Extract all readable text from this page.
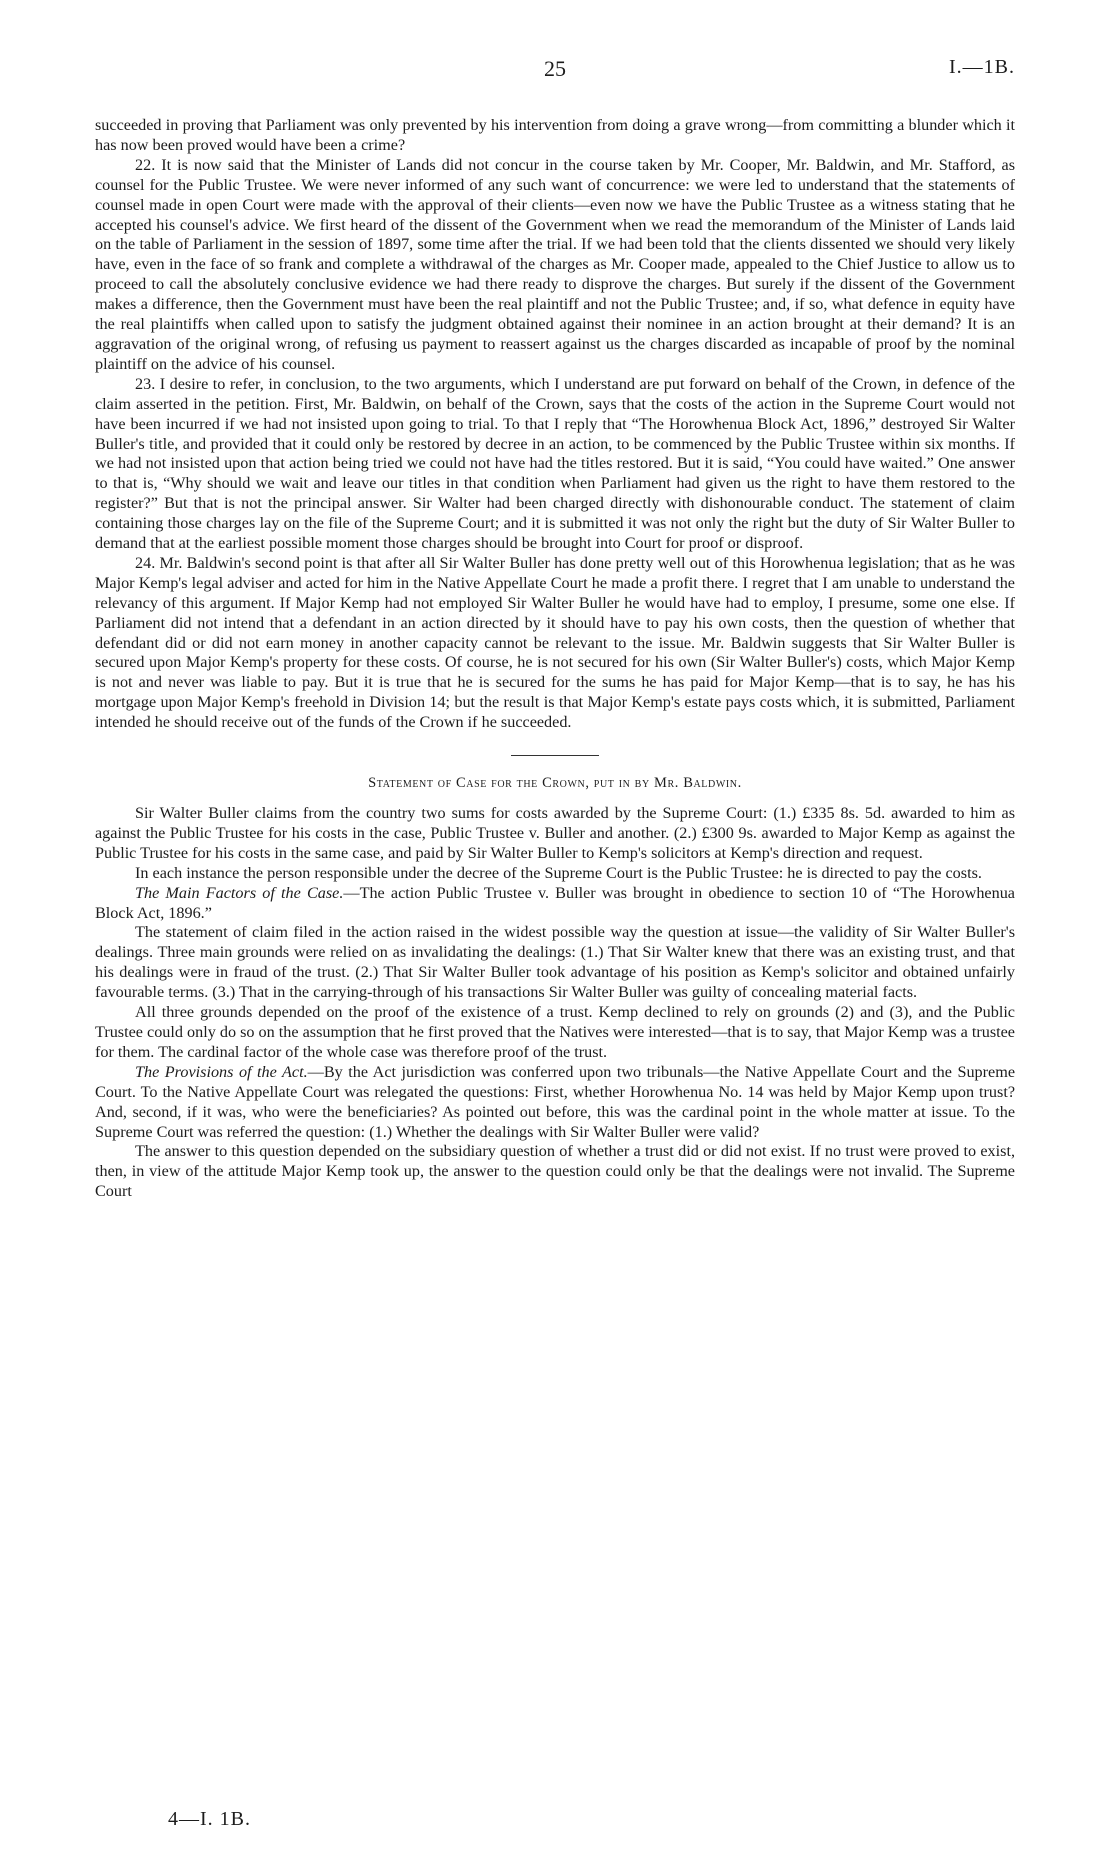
25	I.—1B.

succeeded in proving that Parliament was only prevented by his intervention from doing a grave wrong—from committing a blunder which it has now been proved would have been a crime?

22. It is now said that the Minister of Lands did not concur in the course taken by Mr. Cooper, Mr. Baldwin, and Mr. Stafford, as counsel for the Public Trustee. We were never informed of any such want of concurrence: we were led to understand that the statements of counsel made in open Court were made with the approval of their clients—even now we have the Public Trustee as a witness stating that he accepted his counsel's advice. We first heard of the dissent of the Government when we read the memorandum of the Minister of Lands laid on the table of Parliament in the session of 1897, some time after the trial. If we had been told that the clients dissented we should very likely have, even in the face of so frank and complete a withdrawal of the charges as Mr. Cooper made, appealed to the Chief Justice to allow us to proceed to call the absolutely conclusive evidence we had there ready to disprove the charges. But surely if the dissent of the Government makes a difference, then the Government must have been the real plaintiff and not the Public Trustee; and, if so, what defence in equity have the real plaintiffs when called upon to satisfy the judgment obtained against their nominee in an action brought at their demand? It is an aggravation of the original wrong, of refusing us payment to reassert against us the charges discarded as incapable of proof by the nominal plaintiff on the advice of his counsel.

23. I desire to refer, in conclusion, to the two arguments, which I understand are put forward on behalf of the Crown, in defence of the claim asserted in the petition. First, Mr. Baldwin, on behalf of the Crown, says that the costs of the action in the Supreme Court would not have been incurred if we had not insisted upon going to trial. To that I reply that “The Horowhenua Block Act, 1896,” destroyed Sir Walter Buller's title, and provided that it could only be restored by decree in an action, to be commenced by the Public Trustee within six months. If we had not insisted upon that action being tried we could not have had the titles restored. But it is said, “You could have waited.” One answer to that is, “Why should we wait and leave our titles in that condition when Parliament had given us the right to have them restored to the register?” But that is not the principal answer. Sir Walter had been charged directly with dishonourable conduct. The statement of claim containing those charges lay on the file of the Supreme Court; and it is submitted it was not only the right but the duty of Sir Walter Buller to demand that at the earliest possible moment those charges should be brought into Court for proof or disproof.

24. Mr. Baldwin's second point is that after all Sir Walter Buller has done pretty well out of this Horowhenua legislation; that as he was Major Kemp's legal adviser and acted for him in the Native Appellate Court he made a profit there. I regret that I am unable to understand the relevancy of this argument. If Major Kemp had not employed Sir Walter Buller he would have had to employ, I presume, some one else. If Parliament did not intend that a defendant in an action directed by it should have to pay his own costs, then the question of whether that defendant did or did not earn money in another capacity cannot be relevant to the issue. Mr. Baldwin suggests that Sir Walter Buller is secured upon Major Kemp's property for these costs. Of course, he is not secured for his own (Sir Walter Buller's) costs, which Major Kemp is not and never was liable to pay. But it is true that he is secured for the sums he has paid for Major Kemp—that is to say, he has his mortgage upon Major Kemp's freehold in Division 14; but the result is that Major Kemp's estate pays costs which, it is submitted, Parliament intended he should receive out of the funds of the Crown if he succeeded.

Statement of Case for the Crown, put in by Mr. Baldwin.

Sir Walter Buller claims from the country two sums for costs awarded by the Supreme Court: (1.) £335 8s. 5d. awarded to him as against the Public Trustee for his costs in the case, Public Trustee v. Buller and another. (2.) £300 9s. awarded to Major Kemp as against the Public Trustee for his costs in the same case, and paid by Sir Walter Buller to Kemp's solicitors at Kemp's direction and request.

In each instance the person responsible under the decree of the Supreme Court is the Public Trustee: he is directed to pay the costs.

The Main Factors of the Case.—The action Public Trustee v. Buller was brought in obedience to section 10 of “The Horowhenua Block Act, 1896.”

The statement of claim filed in the action raised in the widest possible way the question at issue—the validity of Sir Walter Buller's dealings. Three main grounds were relied on as invalidating the dealings: (1.) That Sir Walter knew that there was an existing trust, and that his dealings were in fraud of the trust. (2.) That Sir Walter Buller took advantage of his position as Kemp's solicitor and obtained unfairly favourable terms. (3.) That in the carrying-through of his transactions Sir Walter Buller was guilty of concealing material facts.

All three grounds depended on the proof of the existence of a trust. Kemp declined to rely on grounds (2) and (3), and the Public Trustee could only do so on the assumption that he first proved that the Natives were interested—that is to say, that Major Kemp was a trustee for them. The cardinal factor of the whole case was therefore proof of the trust.

The Provisions of the Act.—By the Act jurisdiction was conferred upon two tribunals—the Native Appellate Court and the Supreme Court. To the Native Appellate Court was relegated the questions: First, whether Horowhenua No. 14 was held by Major Kemp upon trust? And, second, if it was, who were the beneficiaries? As pointed out before, this was the cardinal point in the whole matter at issue. To the Supreme Court was referred the question: (1.) Whether the dealings with Sir Walter Buller were valid?

The answer to this question depended on the subsidiary question of whether a trust did or did not exist. If no trust were proved to exist, then, in view of the attitude Major Kemp took up, the answer to the question could only be that the dealings were not invalid. The Supreme Court

4—I. 1B.
